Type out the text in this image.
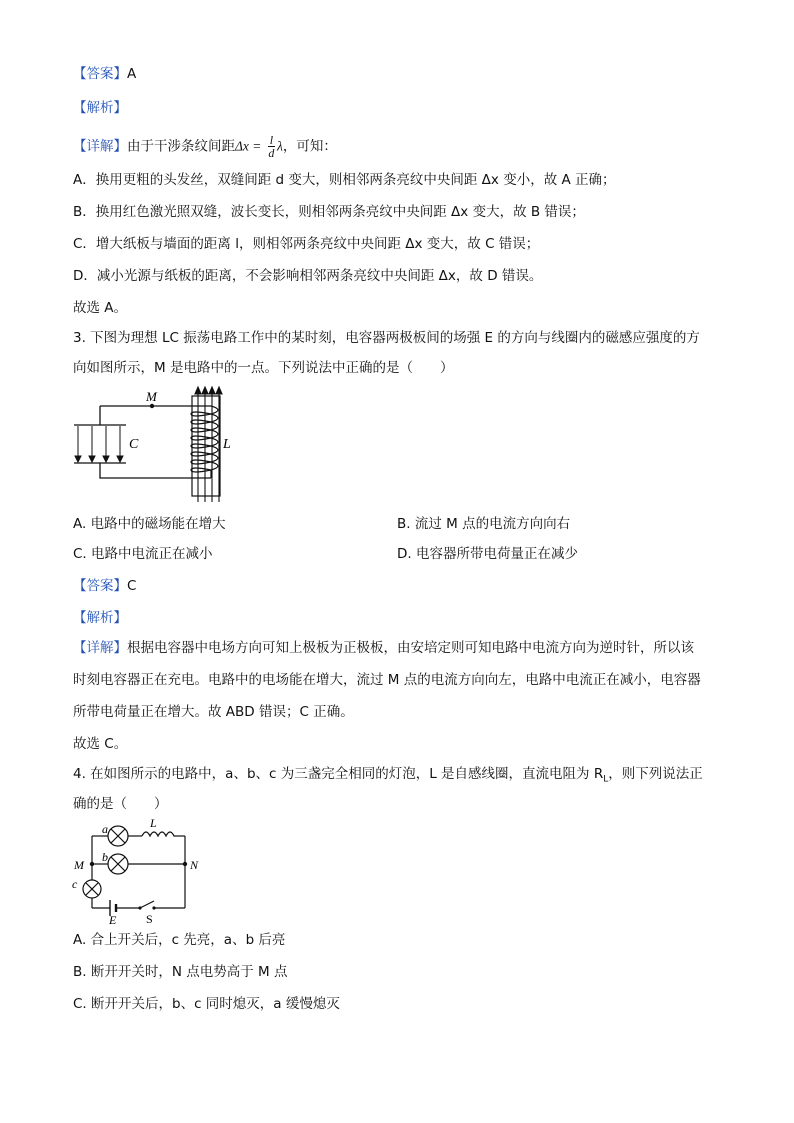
【答案】A
【解析】
【详解】由于干涉条纹间距$\Delta x = \frac{l}{d}$ λ，可知：
A．换用更粗的头发丝，双缝间距 d 变大，则相邻两条亮纹中央间距 Δx 变小，故 A 正确；
B．换用红色激光照双缝，波长变长，则相邻两条亮纹中央间距 Δx 变大，故 B 错误；
C．增大纸板与墙面的距离 l，则相邻两条亮纹中央间距 Δx 变大，故 C 错误；
D．减小光源与纸板的距离，不会影响相邻两条亮纹中央间距 Δx，故 D 错误。
故选 A。
3. 下图为理想 LC 振荡电路工作中的某时刻，电容器两极板间的场强 E 的方向与线圈内的磁感应强度的方
向如图所示，M 是电路中的一点。下列说法中正确的是（　　）
M
C	L
A. 电路中的磁场能在增大	B. 流过 M 点的电流方向向右
C. 电路中电流正在减小	D. 电容器所带电荷量正在减少
【答案】C
【解析】
【详解】根据电容器中电场方向可知上极板为正极板，由安培定则可知电路中电流方向为逆时针，所以该
时刻电容器正在充电。电路中的电场能在增大，流过 M 点的电流方向向左，电路中电流正在减小，电容器
所带电荷量正在增大。故 ABD 错误；C 正确。
故选 C。
4. 在如图所示的电路中，a、b、c 为三盏完全相同的灯泡，L 是自感线圈，直流电阻为 $R_L$，则下列说法正
确的是（　　）
a	L
b
M	N
c
E S
A. 合上开关后，c 先亮，a、b 后亮
B. 断开开关时，N 点电势高于 M 点
C. 断开开关后，b、c 同时熄灭，a 缓慢熄灭
